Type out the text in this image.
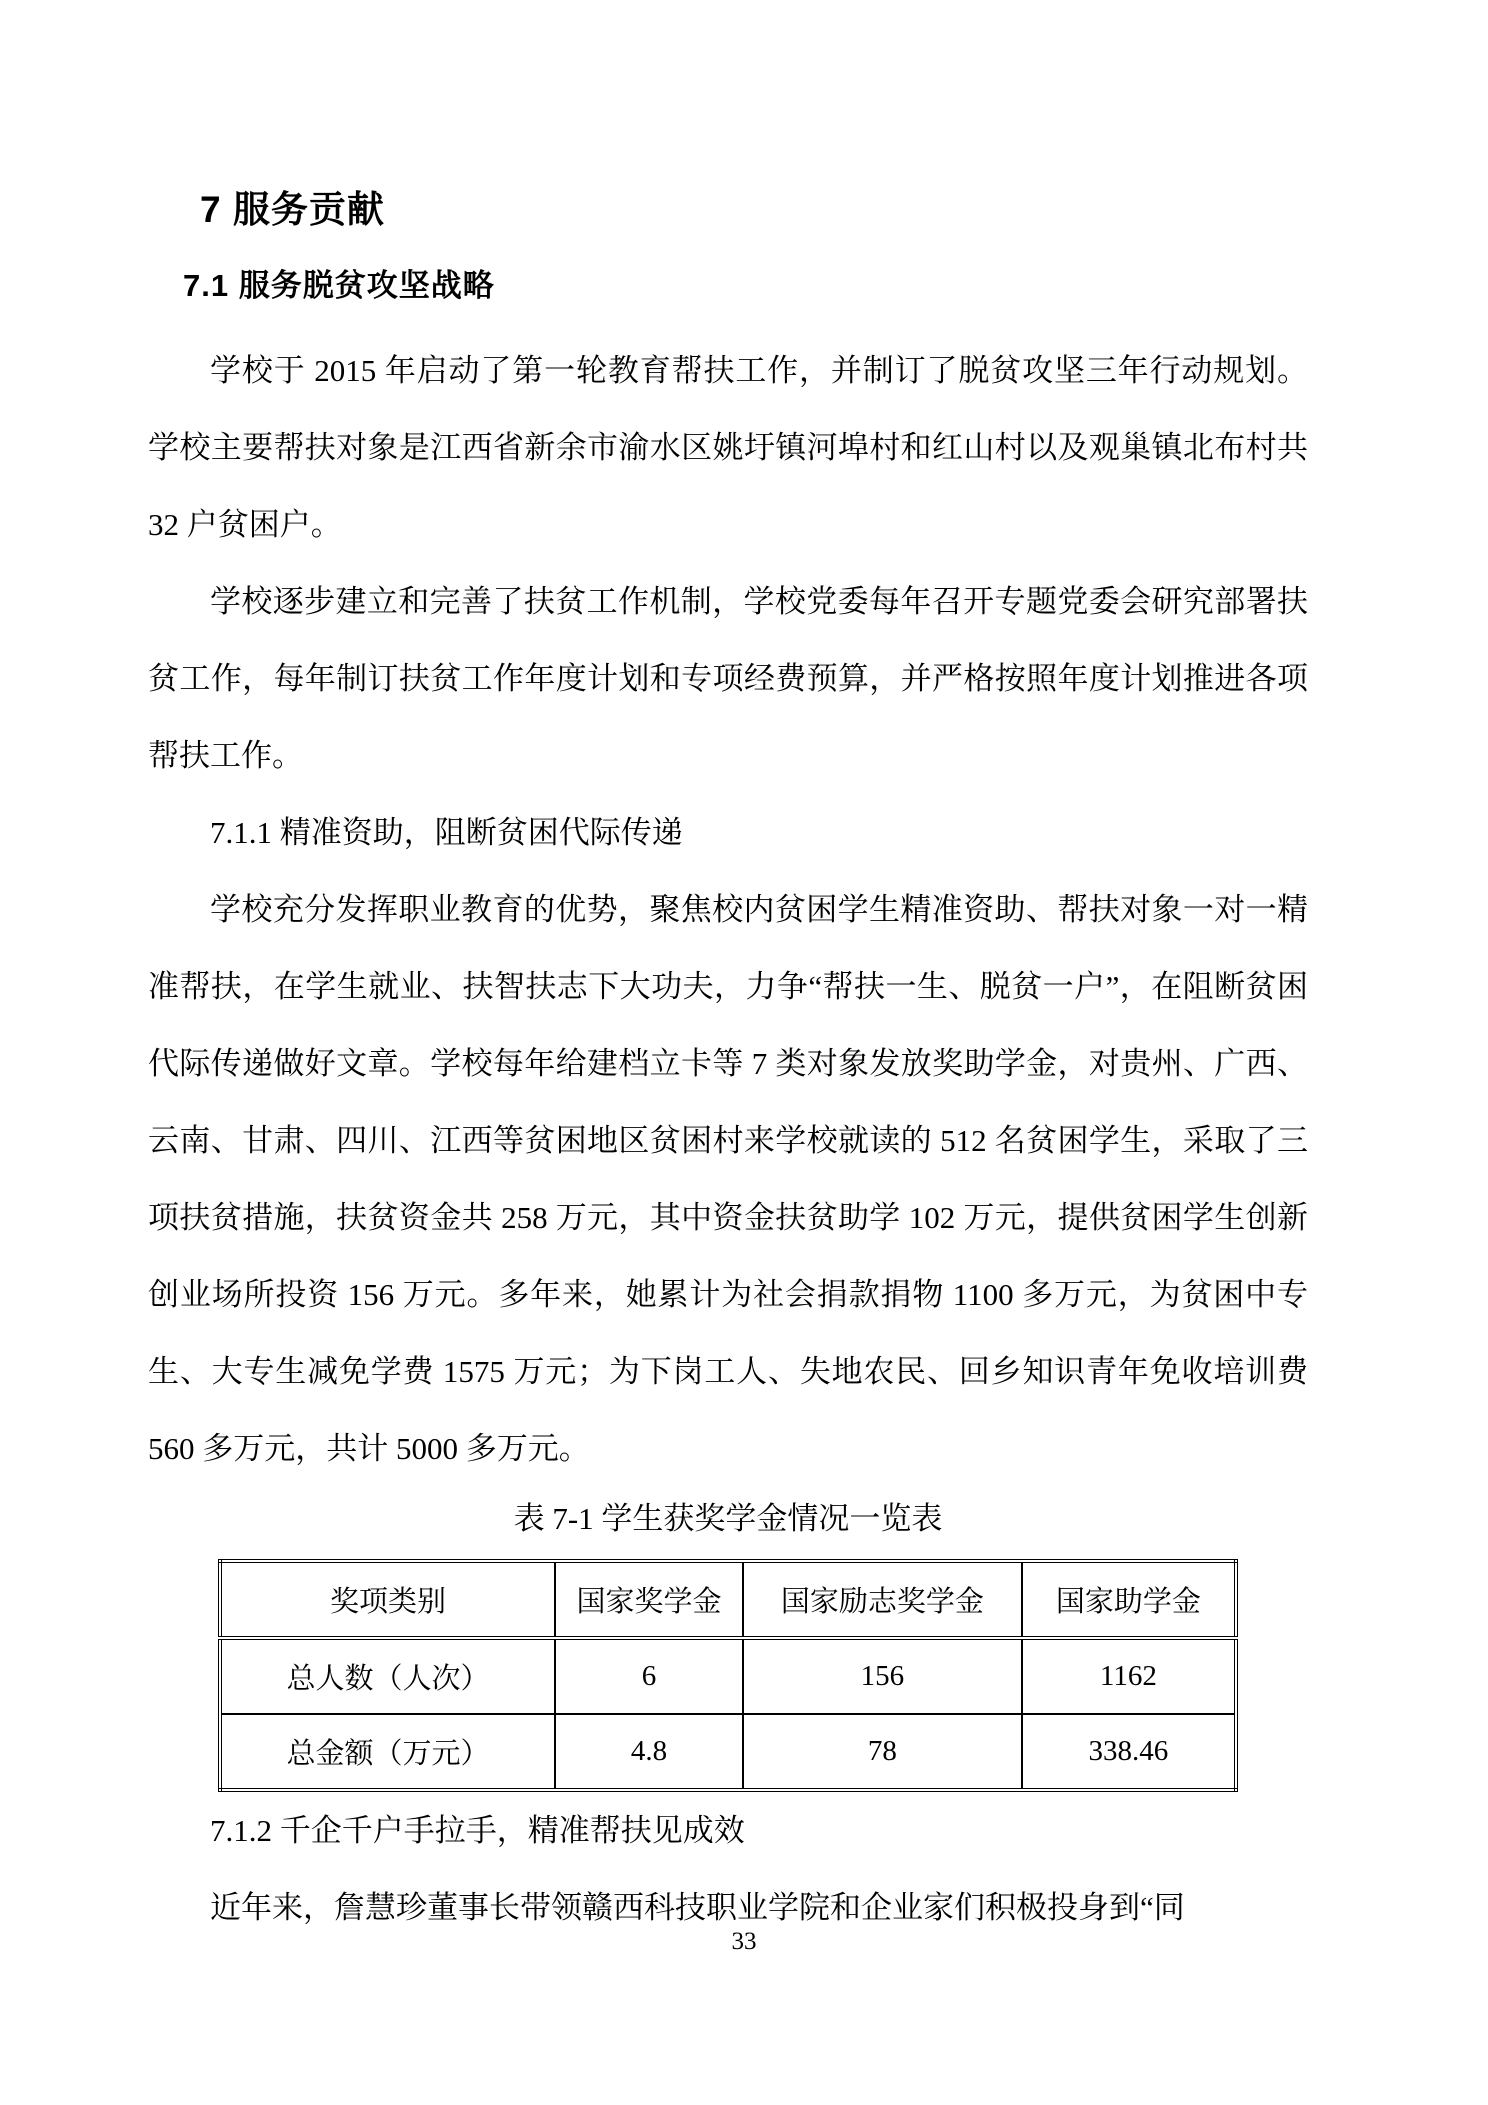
7 服务贡献
7.1 服务脱贫攻坚战略

学校于 2015 年启动了第一轮教育帮扶工作，并制订了脱贫攻坚三年行动规划。学校主要帮扶对象是江西省新余市渝水区姚圩镇河埠村和红山村以及观巢镇北布村共 32 户贫困户。

学校逐步建立和完善了扶贫工作机制，学校党委每年召开专题党委会研究部署扶贫工作，每年制订扶贫工作年度计划和专项经费预算，并严格按照年度计划推进各项帮扶工作。

7.1.1 精准资助，阻断贫困代际传递

学校充分发挥职业教育的优势，聚焦校内贫困学生精准资助、帮扶对象一对一精准帮扶，在学生就业、扶智扶志下大功夫，力争“帮扶一生、脱贫一户”，在阻断贫困代际传递做好文章。学校每年给建档立卡等 7 类对象发放奖助学金，对贵州、广西、云南、甘肃、四川、江西等贫困地区贫困村来学校就读的 512 名贫困学生，采取了三项扶贫措施，扶贫资金共 258 万元，其中资金扶贫助学 102 万元，提供贫困学生创新创业场所投资 156 万元。多年来，她累计为社会捐款捐物 1100 多万元，为贫困中专生、大专生减免学费 1575 万元；为下岗工人、失地农民、回乡知识青年免收培训费 560 多万元，共计 5000 多万元。

表 7-1 学生获奖学金情况一览表
奖项类别	国家奖学金	国家励志奖学金	国家助学金
总人数（人次）	6	156	1162
总金额（万元）	4.8	78	338.46

7.1.2 千企千户手拉手，精准帮扶见成效

近年来，詹慧珍董事长带领赣西科技职业学院和企业家们积极投身到“同

33
